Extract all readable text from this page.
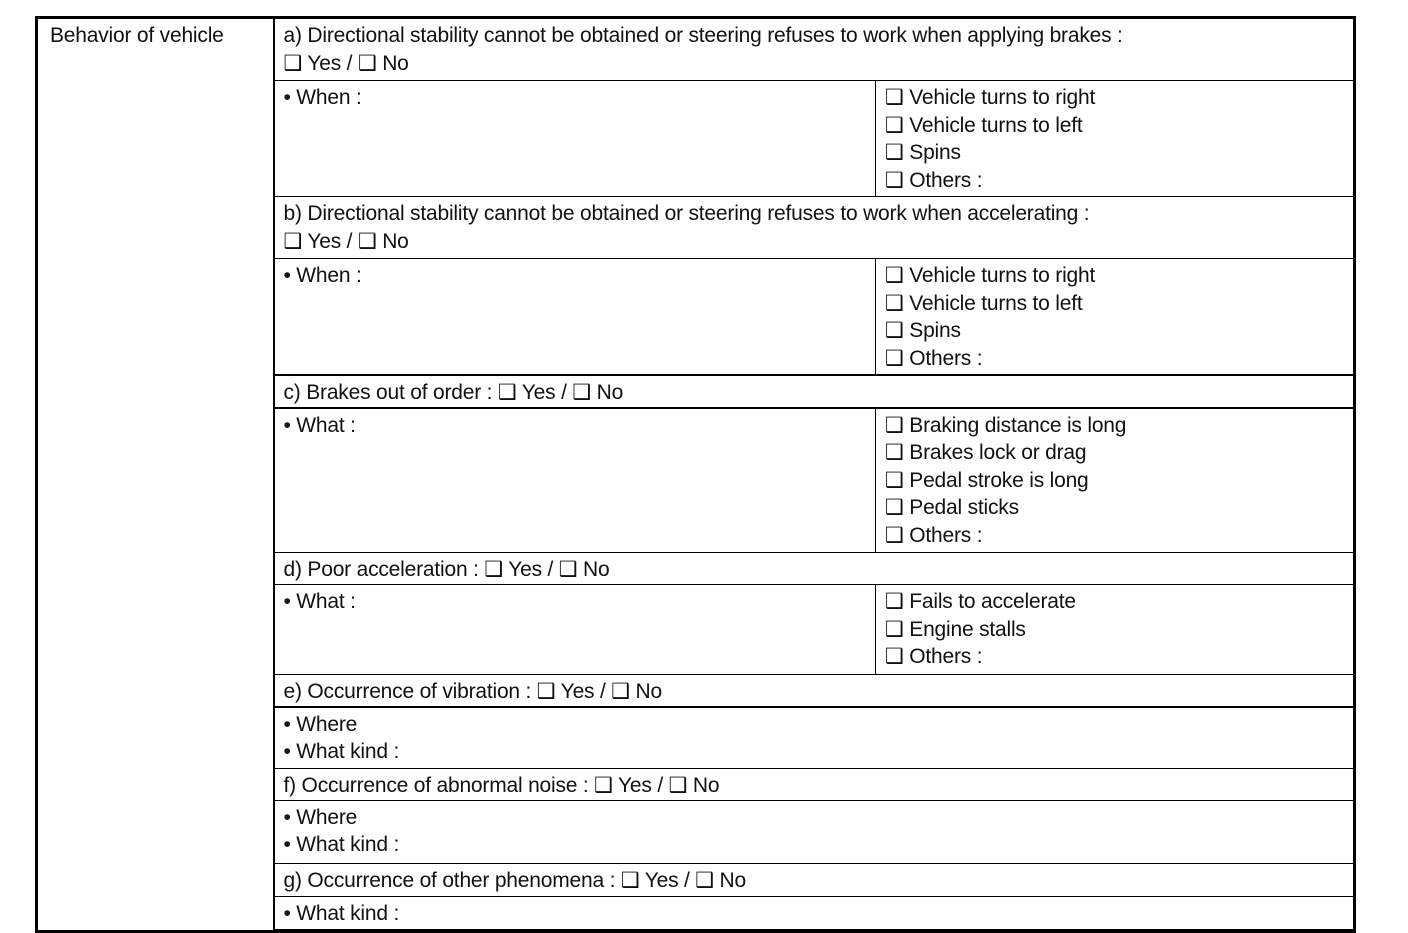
Behavior of vehicle	a) Directional stability cannot be obtained or steering refuses to work when applying brakes :
❑ Yes / ❑ No	

	• When :	❑ Vehicle turns to right
❑ Vehicle turns to left
❑ Spins
❑ Others :

	b) Directional stability cannot be obtained or steering refuses to work when accelerating :
❑ Yes / ❑ No	

	• When :	❑ Vehicle turns to right
❑ Vehicle turns to left
❑ Spins
❑ Others :

	c) Brakes out of order : ❑ Yes / ❑ No	
	• What :	❑ Braking distance is long
❑ Brakes lock or drag
❑ Pedal stroke is long
❑ Pedal sticks
❑ Others :

	d) Poor acceleration : ❑ Yes / ❑ No	
	• What :	❑ Fails to accelerate
❑ Engine stalls
❑ Others :

	e) Occurrence of vibration : ❑ Yes / ❑ No	

	• Where
• What kind :	

	f) Occurrence of abnormal noise : ❑ Yes / ❑ No	

	• Where
• What kind :	

	g) Occurrence of other phenomena : ❑ Yes / ❑ No	

	• What kind :	
